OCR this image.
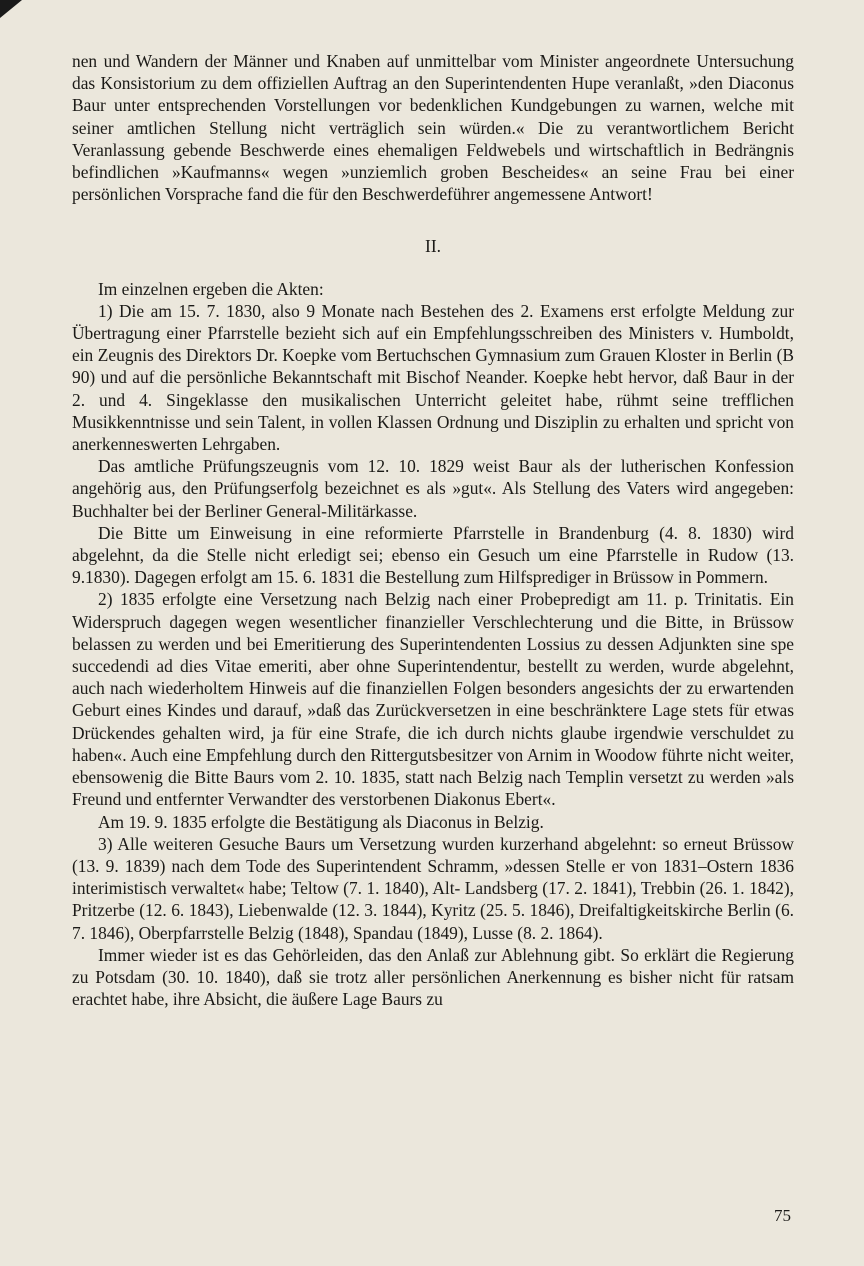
nen und Wandern der Männer und Knaben auf unmittelbar vom Minister angeordnete Untersuchung das Konsistorium zu dem offiziellen Auftrag an den Superintendenten Hupe veranlaßt, »den Diaconus Baur unter entsprechenden Vorstellungen vor bedenklichen Kundgebungen zu warnen, welche mit seiner amtlichen Stellung nicht verträglich sein würden.« Die zu verantwortlichem Bericht Veranlassung gebende Beschwerde eines ehemaligen Feldwebels und wirtschaftlich in Bedrängnis befindlichen »Kaufmanns« wegen »unziemlich groben Bescheides« an seine Frau bei einer persönlichen Vorsprache fand die für den Beschwerdeführer angemessene Antwort!

II.

Im einzelnen ergeben die Akten:

1) Die am 15. 7. 1830, also 9 Monate nach Bestehen des 2. Examens erst erfolgte Meldung zur Übertragung einer Pfarrstelle bezieht sich auf ein Empfehlungsschreiben des Ministers v. Humboldt, ein Zeugnis des Direktors Dr. Koepke vom Bertuchschen Gymnasium zum Grauen Kloster in Berlin (B 90) und auf die persönliche Bekanntschaft mit Bischof Neander. Koepke hebt hervor, daß Baur in der 2. und 4. Singeklasse den musikalischen Unterricht geleitet habe, rühmt seine trefflichen Musikkenntnisse und sein Talent, in vollen Klassen Ordnung und Disziplin zu erhalten und spricht von anerkenneswerten Lehrgaben.

Das amtliche Prüfungszeugnis vom 12. 10. 1829 weist Baur als der lutherischen Konfession angehörig aus, den Prüfungserfolg bezeichnet es als »gut«. Als Stellung des Vaters wird angegeben: Buchhalter bei der Berliner General-Militärkasse.

Die Bitte um Einweisung in eine reformierte Pfarrstelle in Brandenburg (4. 8. 1830) wird abgelehnt, da die Stelle nicht erledigt sei; ebenso ein Gesuch um eine Pfarrstelle in Rudow (13. 9.1830). Dagegen erfolgt am 15. 6. 1831 die Bestellung zum Hilfsprediger in Brüssow in Pommern.

2) 1835 erfolgte eine Versetzung nach Belzig nach einer Probepredigt am 11. p. Trinitatis. Ein Widerspruch dagegen wegen wesentlicher finanzieller Verschlechterung und die Bitte, in Brüssow belassen zu werden und bei Emeritierung des Superintendenten Lossius zu dessen Adjunkten sine spe succedendi ad dies Vitae emeriti, aber ohne Superintendentur, bestellt zu werden, wurde abgelehnt, auch nach wiederholtem Hinweis auf die finanziellen Folgen besonders angesichts der zu erwartenden Geburt eines Kindes und darauf, »daß das Zurückversetzen in eine beschränktere Lage stets für etwas Drückendes gehalten wird, ja für eine Strafe, die ich durch nichts glaube irgendwie verschuldet zu haben«. Auch eine Empfehlung durch den Rittergutsbesitzer von Arnim in Woodow führte nicht weiter, ebensowenig die Bitte Baurs vom 2. 10. 1835, statt nach Belzig nach Templin versetzt zu werden »als Freund und entfernter Verwandter des verstorbenen Diakonus Ebert«.

Am 19. 9. 1835 erfolgte die Bestätigung als Diaconus in Belzig.

3) Alle weiteren Gesuche Baurs um Versetzung wurden kurzerhand abgelehnt: so erneut Brüssow (13. 9. 1839) nach dem Tode des Superintendent Schramm, »dessen Stelle er von 1831–Ostern 1836 interimistisch verwaltet« habe; Teltow (7. 1. 1840), Alt- Landsberg (17. 2. 1841), Trebbin (26. 1. 1842), Pritzerbe (12. 6. 1843), Liebenwalde (12. 3. 1844), Kyritz (25. 5. 1846), Dreifaltigkeitskirche Berlin (6. 7. 1846), Oberpfarrstelle Belzig (1848), Spandau (1849), Lusse (8. 2. 1864).

Immer wieder ist es das Gehörleiden, das den Anlaß zur Ablehnung gibt. So erklärt die Regierung zu Potsdam (30. 10. 1840), daß sie trotz aller persönlichen Anerkennung es bisher nicht für ratsam erachtet habe, ihre Absicht, die äußere Lage Baurs zu

75
